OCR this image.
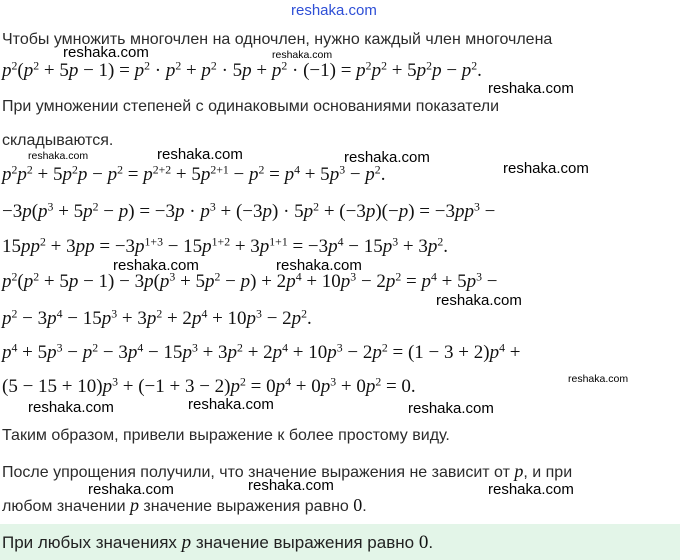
reshaka.com
Чтобы умножить многочлен на одночлен, нужно каждый член многочлена
reshaka.com	reshaka.com
$p^2(p^2 + 5p - 1) = p^2 \cdot p^2 + p^2 \cdot 5p + p^2 \cdot (-1) = p^2p^2 + 5p^2p - p^2$.
reshaka.com
При умножении степеней с одинаковыми основаниями показатели
складываются.
reshaka.com	reshaka.com	reshaka.com
reshaka.com
$p^2p^2 + 5p^2p - p^2 = p^{2+2} + 5p^{2+1} - p^2 = p^4 + 5p^3 - p^2$.
$-3p(p^3 + 5p^2 - p) = -3p \cdot p^3 + (-3p) \cdot 5p^2 + (-3p)(-p) = -3pp^3$ −
$15pp^2 + 3pp = -3p^{1+3} - 15p^{1+2} + 3p^{1+1} = -3p^4 - 15p^3 + 3p^2$.
reshaka.com	reshaka.com
$p^2(p^2 + 5p - 1) - 3p(p^3 + 5p^2 - p) + 2p^4 + 10p^3 - 2p^2 = p^4 + 5p^3$ −
reshaka.com
$p^2 - 3p^4 - 15p^3 + 3p^2 + 2p^4 + 10p^3 - 2p^2$.
$p^4 + 5p^3 - p^2 - 3p^4 - 15p^3 + 3p^2 + 2p^4 + 10p^3 - 2p^2 = (1 - 3 + 2)p^4$ +
reshaka.com
$(5 - 15 + 10)p^3 + (-1 + 3 - 2)p^2 = 0p^4 + 0p^3 + 0p^2 = 0$.
reshaka.com	reshaka.com	reshaka.com
Таким образом, привели выражение к более простому виду.
После упрощения получили, что значение выражения не зависит от p, и при
reshaka.com	reshaka.com	reshaka.com
любом значении p значение выражения равно 0.
При любых значениях p значение выражения равно 0.
